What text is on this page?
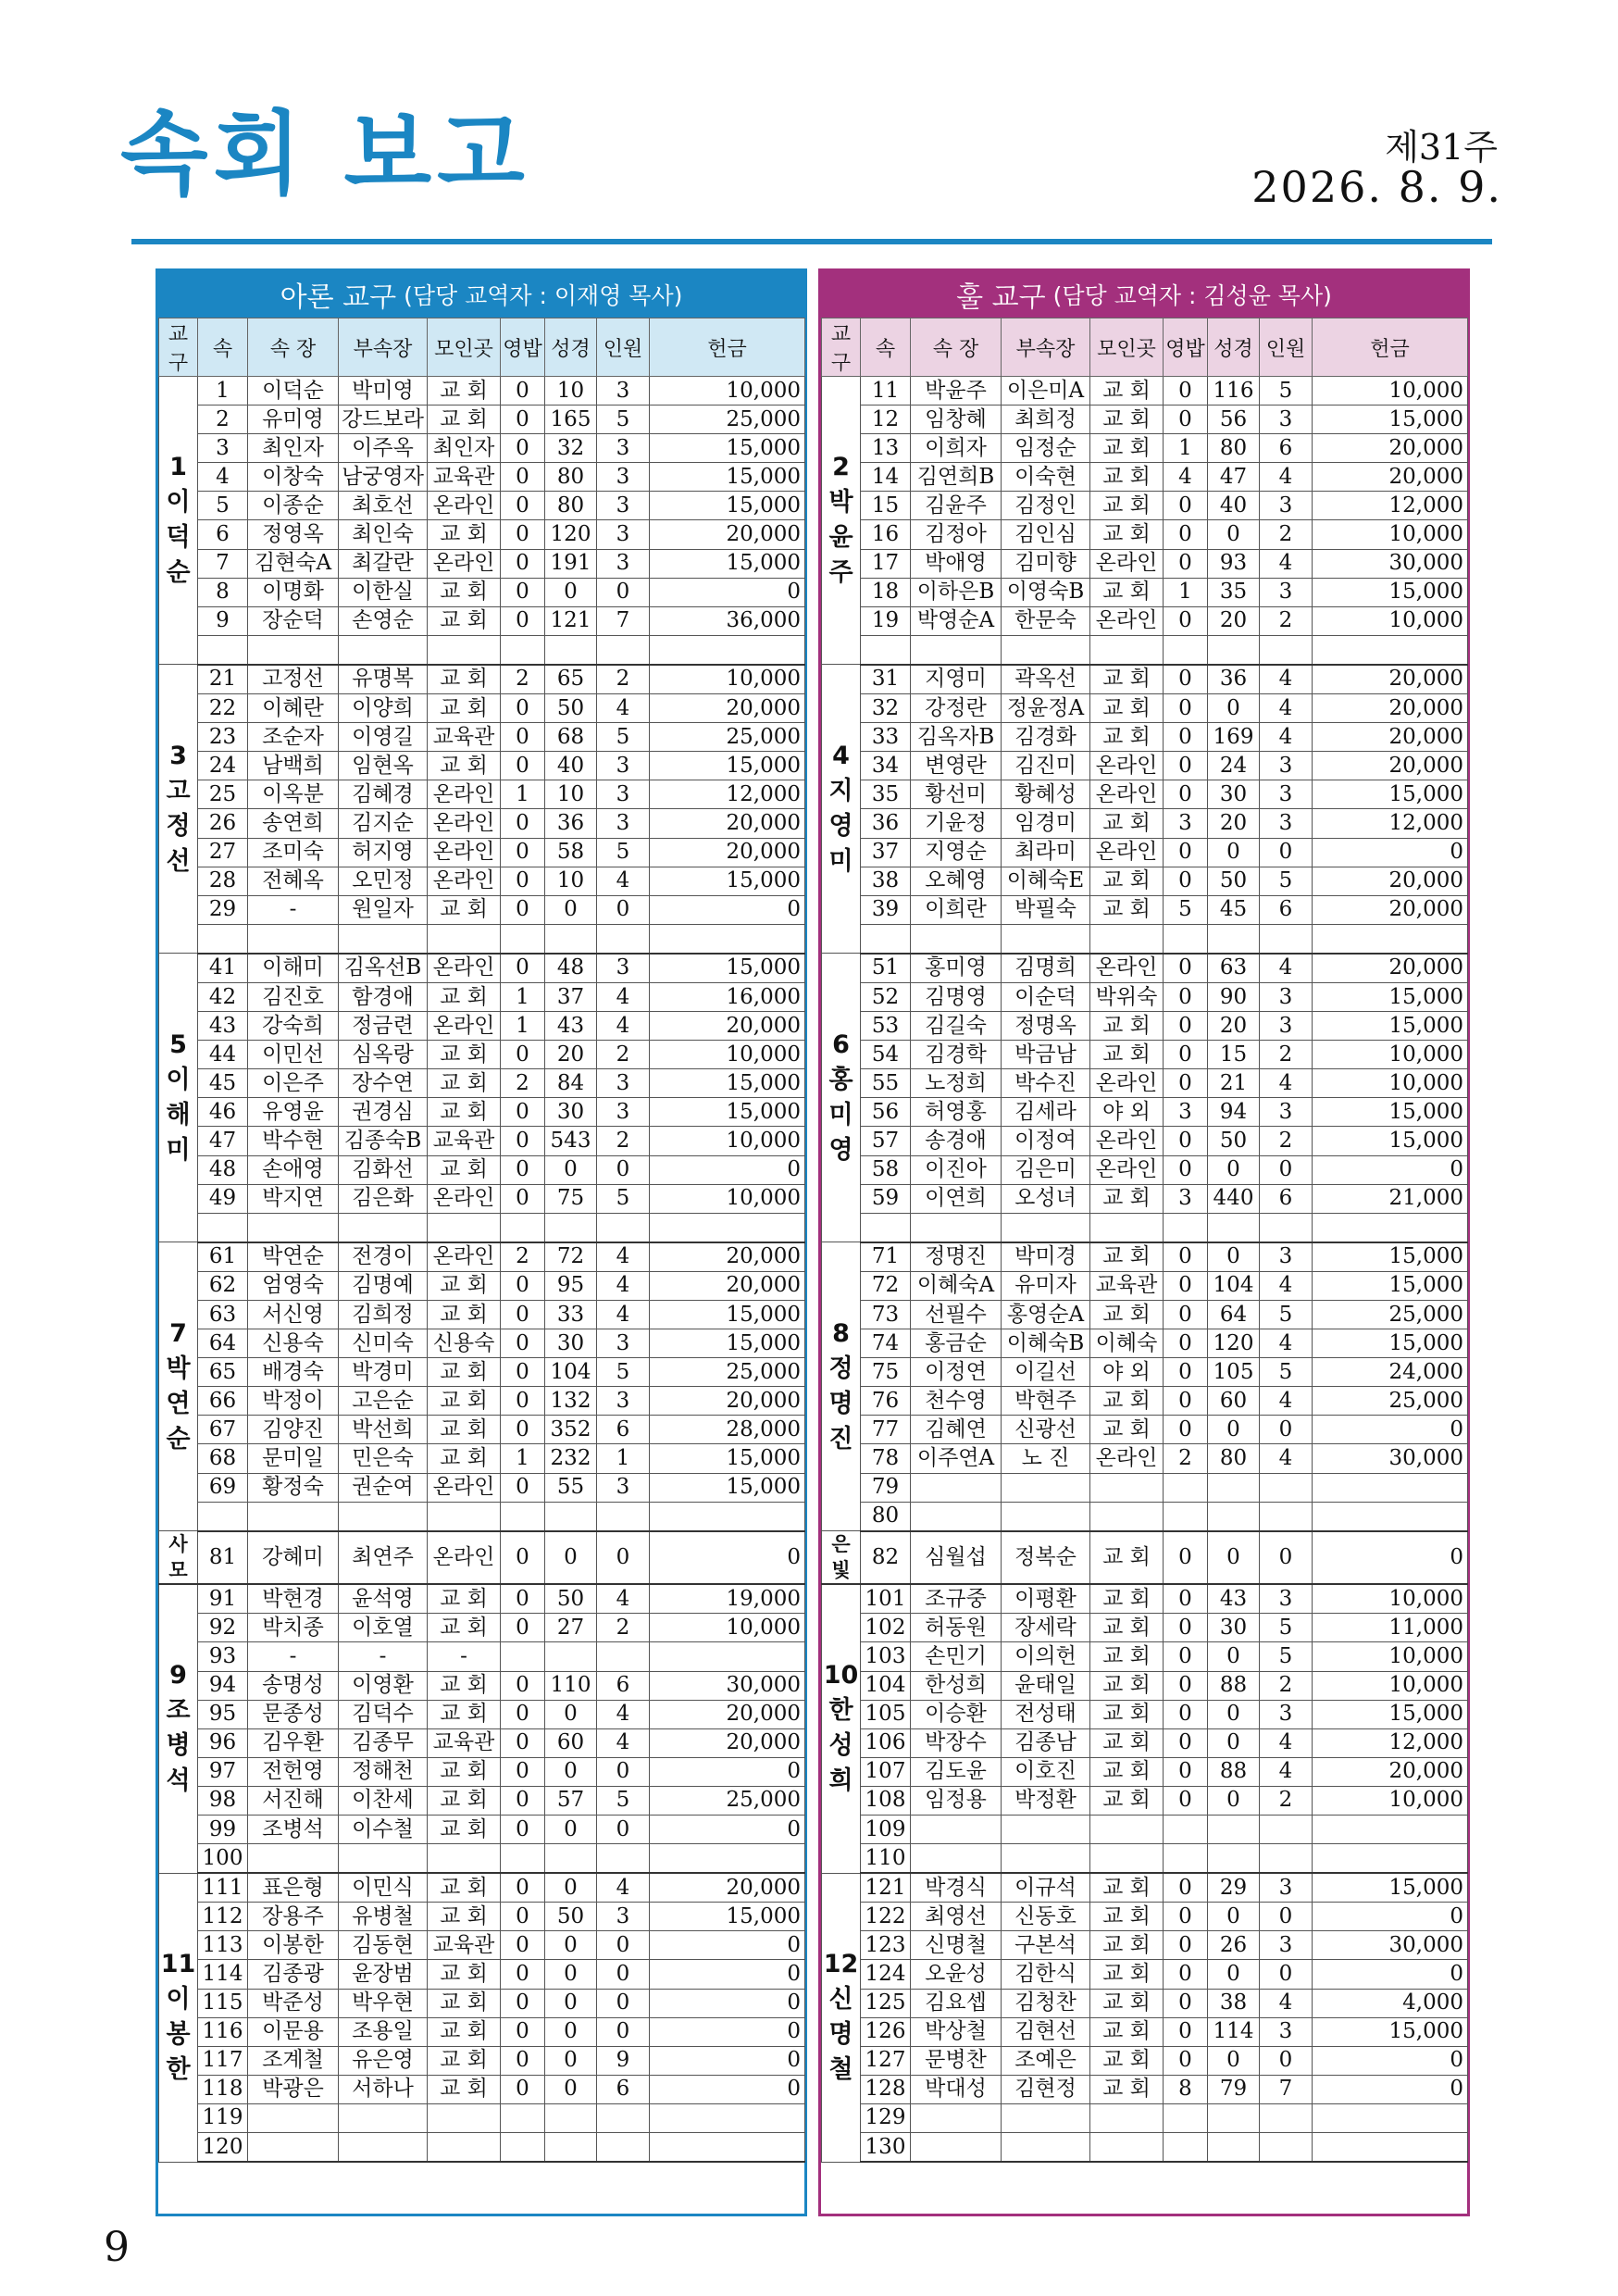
속회 보고	제31주
2026. 8. 9.
아론 교구 (담당 교역자 : 이재영 목사)
교구	속	속 장	부속장	모인곳	영밥	성경	인원	헌금
1
이
덕
순	1	이덕순	박미영	교 회	0	10	3	10,000
	2	유미영	강드보라	교 회	0	165	5	25,000
	3	최인자	이주옥	최인자	0	32	3	15,000
	4	이창숙	남궁영자	교육관	0	80	3	15,000
	5	이종순	최호선	온라인	0	80	3	15,000
	6	정영옥	최인숙	교 회	0	120	3	20,000
	7	김현숙A	최갈란	온라인	0	191	3	15,000
	8	이명화	이한실	교 회	0	0	0	0
	9	장순덕	손영순	교 회	0	121	7	36,000

3
고
정
선	21	고정선	유명복	교 회	2	65	2	10,000
	22	이혜란	이양희	교 회	0	50	4	20,000
	23	조순자	이영길	교육관	0	68	5	25,000
	24	남백희	임현옥	교 회	0	40	3	15,000
	25	이옥분	김혜경	온라인	1	10	3	12,000
	26	송연희	김지순	온라인	0	36	3	20,000
	27	조미숙	허지영	온라인	0	58	5	20,000
	28	전혜옥	오민정	온라인	0	10	4	15,000
	29	-	원일자	교 회	0	0	0	0

5
이
해
미	41	이해미	김옥선B	온라인	0	48	3	15,000
	42	김진호	함경애	교 회	1	37	4	16,000
	43	강숙희	정금련	온라인	1	43	4	20,000
	44	이민선	심옥랑	교 회	0	20	2	10,000
	45	이은주	장수연	교 회	2	84	3	15,000
	46	유영윤	권경심	교 회	0	30	3	15,000
	47	박수현	김종숙B	교육관	0	543	2	10,000
	48	손애영	김화선	교 회	0	0	0	0
	49	박지연	김은화	온라인	0	75	5	10,000

7
박
연
순	61	박연순	전경이	온라인	2	72	4	20,000
	62	엄영숙	김명예	교 회	0	95	4	20,000
	63	서신영	김희정	교 회	0	33	4	15,000
	64	신용숙	신미숙	신용숙	0	30	3	15,000
	65	배경숙	박경미	교 회	0	104	5	25,000
	66	박정이	고은순	교 회	0	132	3	20,000
	67	김양진	박선희	교 회	0	352	6	28,000
	68	문미일	민은숙	교 회	1	232	1	15,000
	69	황정숙	권순여	온라인	0	55	3	15,000

사 모	81	강혜미	최연주	온라인	0	0	0	0
9
조
병
석	91	박현경	윤석영	교 회	0	50	4	19,000
	92	박치종	이호열	교 회	0	27	2	10,000
	93	-	-	-				
	94	송명성	이영환	교 회	0	110	6	30,000
	95	문종성	김덕수	교 회	0	0	4	20,000
	96	김우환	김종무	교육관	0	60	4	20,000
	97	전헌영	정해천	교 회	0	0	0	0
	98	서진해	이찬세	교 회	0	57	5	25,000
	99	조병석	이수철	교 회	0	0	0	0
	100							
11
이
봉
한	111	표은형	이민식	교 회	0	0	4	20,000
	112	장용주	유병철	교 회	0	50	3	15,000
	113	이봉한	김동현	교육관	0	0	0	0
	114	김종광	윤장범	교 회	0	0	0	0
	115	박준성	박우현	교 회	0	0	0	0
	116	이문용	조용일	교 회	0	0	0	0
	117	조계철	유은영	교 회	0	0	9	0
	118	박광은	서하나	교 회	0	0	6	0
	119							
	120							
훌 교구 (담당 교역자 : 김성윤 목사)
교구	속	속 장	부속장	모인곳	영밥	성경	인원	헌금
2
박
윤
주	11	박윤주	이은미A	교 회	0	116	5	10,000
	12	임창혜	최희정	교 회	0	56	3	15,000
	13	이희자	임정순	교 회	1	80	6	20,000
	14	김연희B	이숙현	교 회	4	47	4	20,000
	15	김윤주	김정인	교 회	0	40	3	12,000
	16	김정아	김인심	교 회	0	0	2	10,000
	17	박애영	김미향	온라인	0	93	4	30,000
	18	이하은B	이영숙B	교 회	1	35	3	15,000
	19	박영순A	한문숙	온라인	0	20	2	10,000

4
지
영
미	31	지영미	곽옥선	교 회	0	36	4	20,000
	32	강정란	정윤정A	교 회	0	0	4	20,000
	33	김옥자B	김경화	교 회	0	169	4	20,000
	34	변영란	김진미	온라인	0	24	3	20,000
	35	황선미	황혜성	온라인	0	30	3	15,000
	36	기윤정	임경미	교 회	3	20	3	12,000
	37	지영순	최라미	온라인	0	0	0	0
	38	오혜영	이혜숙E	교 회	0	50	5	20,000
	39	이희란	박필숙	교 회	5	45	6	20,000

6
홍
미
영	51	홍미영	김명희	온라인	0	63	4	20,000
	52	김명영	이순덕	박위숙	0	90	3	15,000
	53	김길숙	정명옥	교 회	0	20	3	15,000
	54	김경학	박금남	교 회	0	15	2	10,000
	55	노정희	박수진	온라인	0	21	4	10,000
	56	허영홍	김세라	야 외	3	94	3	15,000
	57	송경애	이정여	온라인	0	50	2	15,000
	58	이진아	김은미	온라인	0	0	0	0
	59	이연희	오성녀	교 회	3	440	6	21,000

8
정
명
진	71	정명진	박미경	교 회	0	0	3	15,000
	72	이혜숙A	유미자	교육관	0	104	4	15,000
	73	선필수	홍영순A	교 회	0	64	5	25,000
	74	홍금순	이혜숙B	이혜숙	0	120	4	15,000
	75	이정연	이길선	야 외	0	105	5	24,000
	76	천수영	박현주	교 회	0	60	4	25,000
	77	김혜연	신광선	교 회	0	0	0	0
	78	이주연A	노 진	온라인	2	80	4	30,000
	79							
	80							
은 빛	82	심월섭	정복순	교 회	0	0	0	0
10
한
성
희	101	조규중	이평환	교 회	0	43	3	10,000
	102	허동원	장세락	교 회	0	30	5	11,000
	103	손민기	이의헌	교 회	0	0	5	10,000
	104	한성희	윤태일	교 회	0	88	2	10,000
	105	이승환	전성태	교 회	0	0	3	15,000
	106	박장수	김종남	교 회	0	0	4	12,000
	107	김도윤	이호진	교 회	0	88	4	20,000
	108	임정용	박정환	교 회	0	0	2	10,000
	109							
	110							
12
신
명
철	121	박경식	이규석	교 회	0	29	3	15,000
	122	최영선	신동호	교 회	0	0	0	0
	123	신명철	구본석	교 회	0	26	3	30,000
	124	오윤성	김한식	교 회	0	0	0	0
	125	김요셉	김청찬	교 회	0	38	4	4,000
	126	박상철	김현선	교 회	0	114	3	15,000
	127	문병찬	조예은	교 회	0	0	0	0
	128	박대성	김현정	교 회	8	79	7	0
	129							
	130							
9
